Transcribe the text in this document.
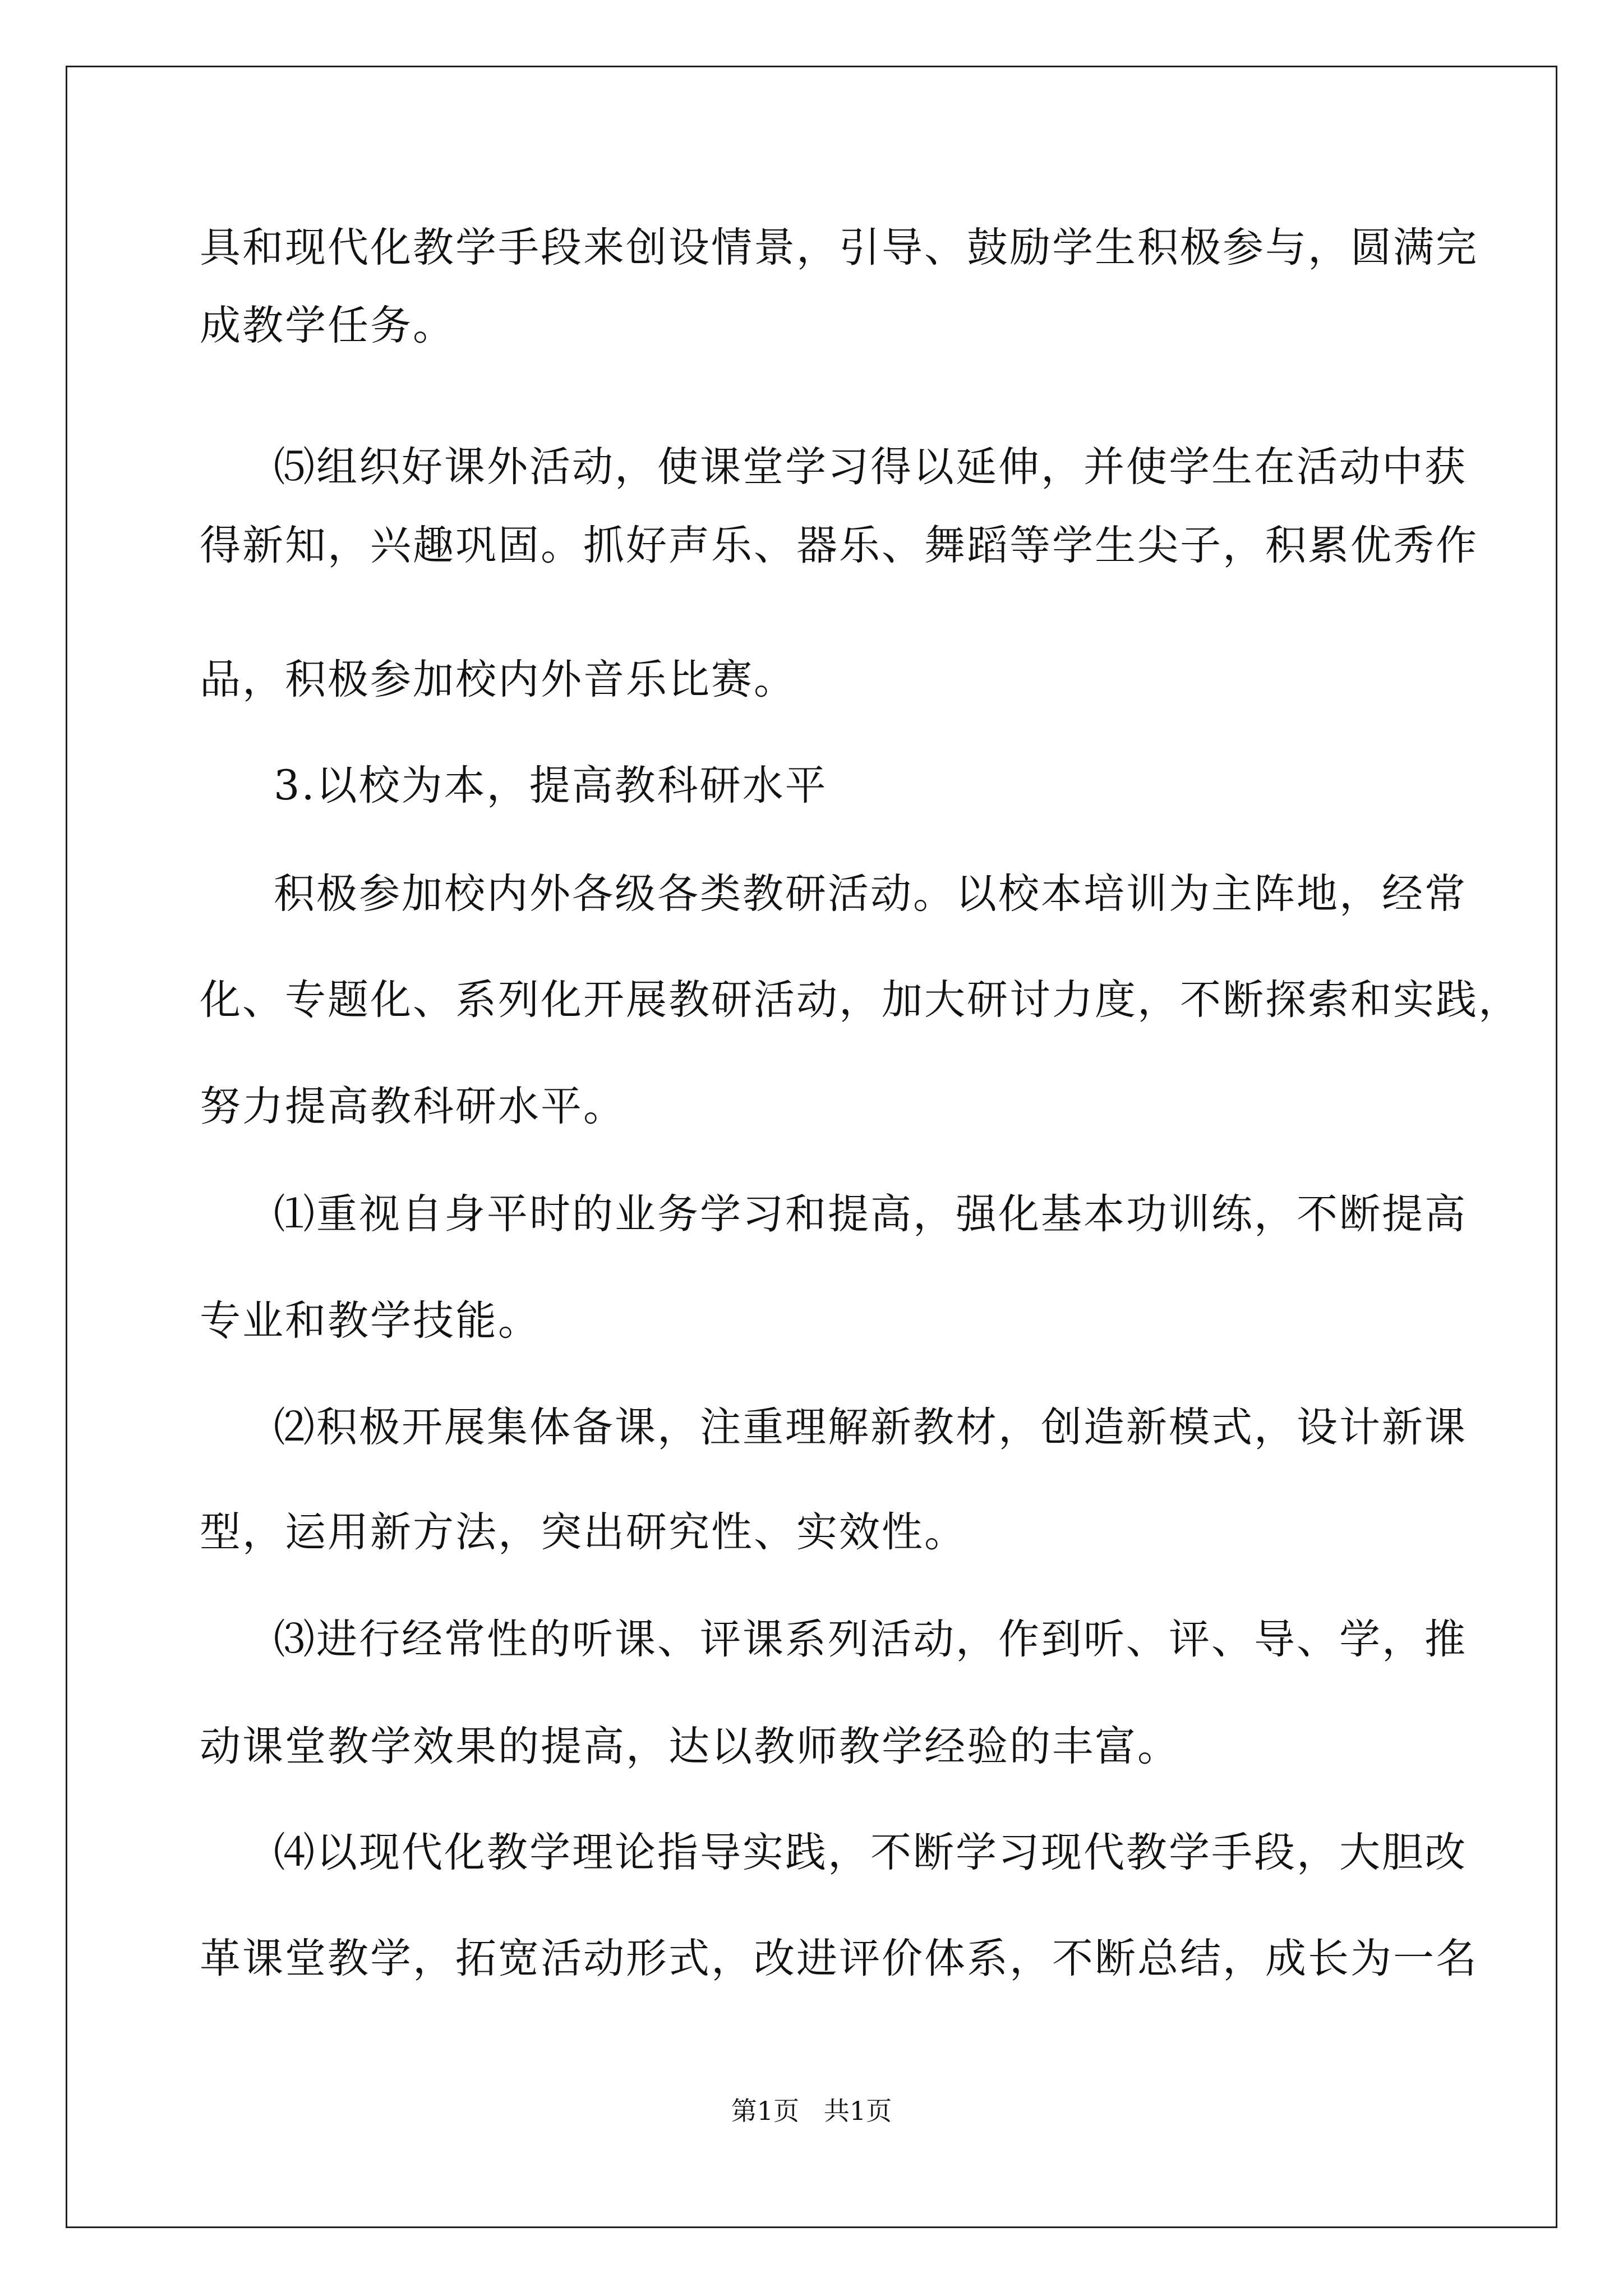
具和现代化教学手段来创设情景，引导、鼓励学生积极参与，圆满完
成教学任务。
⑸组织好课外活动，使课堂学习得以延伸，并使学生在活动中获
得新知，兴趣巩固。抓好声乐、器乐、舞蹈等学生尖子，积累优秀作
品，积极参加校内外音乐比赛。
3.以校为本，提高教科研水平
积极参加校内外各级各类教研活动。以校本培训为主阵地，经常
化、专题化、系列化开展教研活动，加大研讨力度，不断探索和实践，
努力提高教科研水平。
⑴重视自身平时的业务学习和提高，强化基本功训练，不断提高
专业和教学技能。
⑵积极开展集体备课，注重理解新教材，创造新模式，设计新课
型，运用新方法，突出研究性、实效性。
⑶进行经常性的听课、评课系列活动，作到听、评、导、学，推
动课堂教学效果的提高，达以教师教学经验的丰富。
⑷以现代化教学理论指导实践，不断学习现代教学手段，大胆改
革课堂教学，拓宽活动形式，改进评价体系，不断总结，成长为一名
第1页   共1页
